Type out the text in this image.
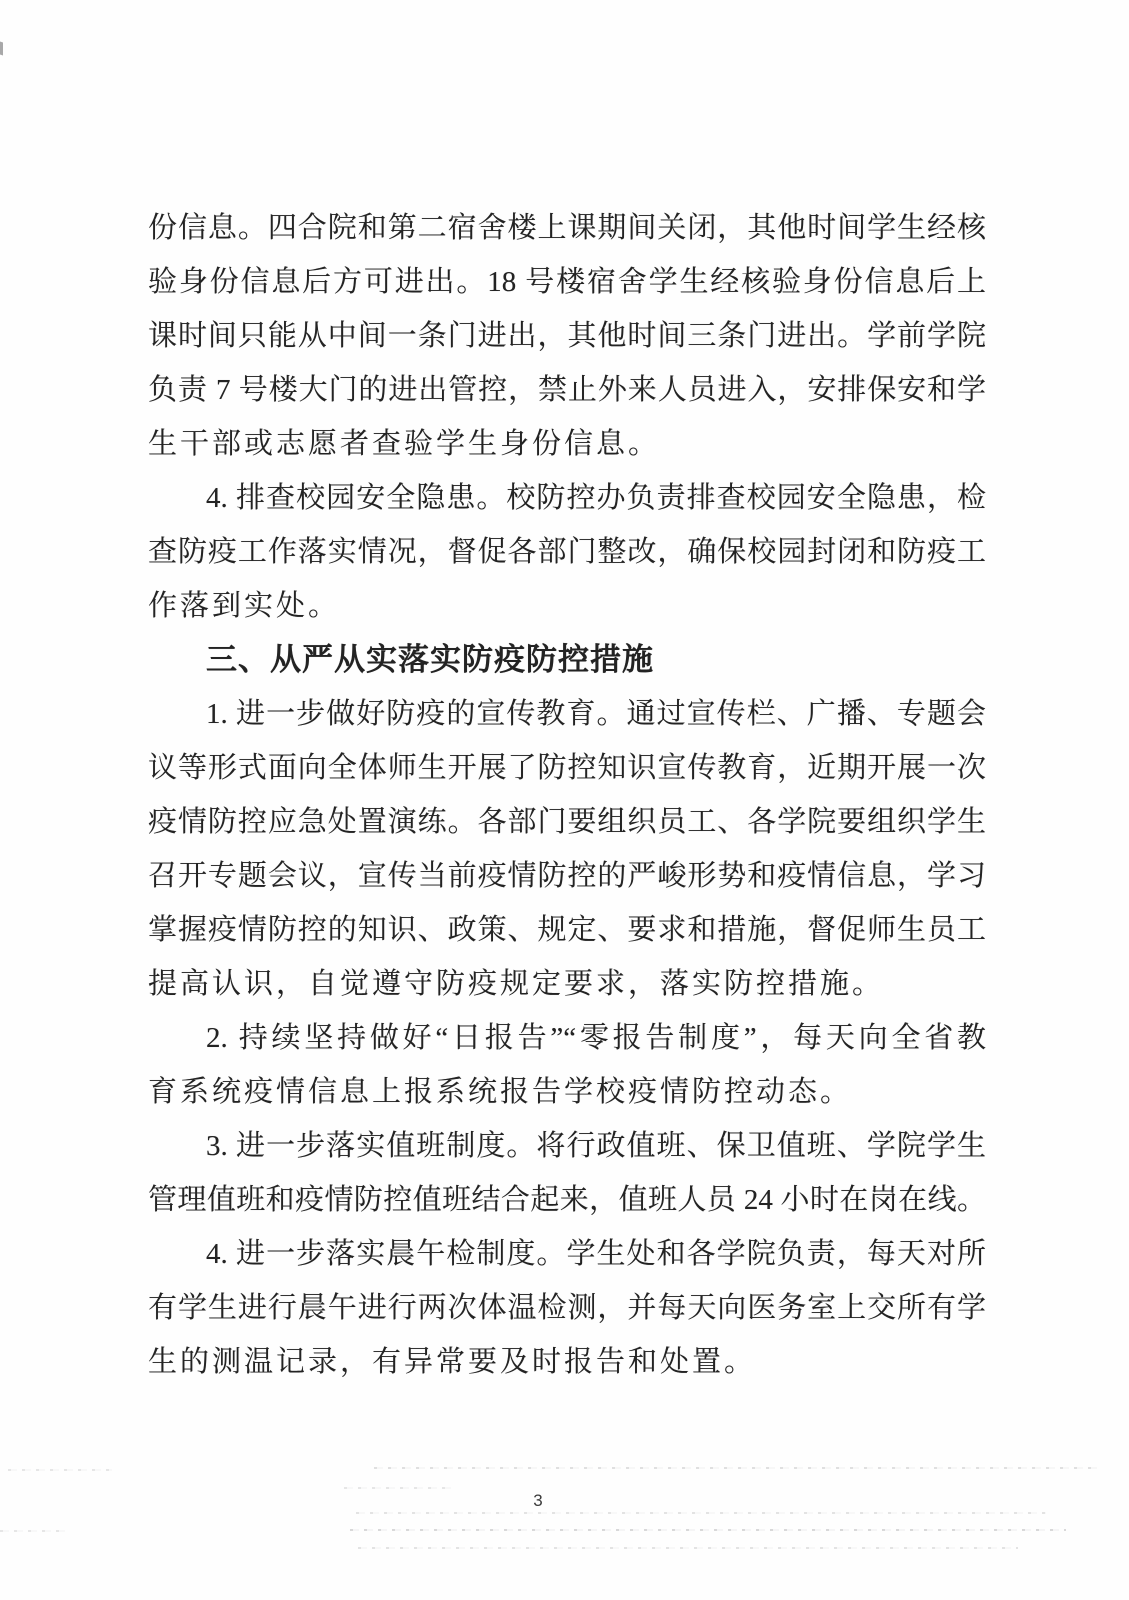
份信息。四合院和第二宿舍楼上课期间关闭，其他时间学生经核

验身份信息后方可进出。18 号楼宿舍学生经核验身份信息后上

课时间只能从中间一条门进出，其他时间三条门进出。学前学院

负责 7 号楼大门的进出管控，禁止外来人员进入，安排保安和学

生干部或志愿者查验学生身份信息。

4. 排查校园安全隐患。校防控办负责排查校园安全隐患，检

查防疫工作落实情况，督促各部门整改，确保校园封闭和防疫工

作落到实处。

三、从严从实落实防疫防控措施

1. 进一步做好防疫的宣传教育。通过宣传栏、广播、专题会

议等形式面向全体师生开展了防控知识宣传教育，近期开展一次

疫情防控应急处置演练。各部门要组织员工、各学院要组织学生

召开专题会议，宣传当前疫情防控的严峻形势和疫情信息，学习

掌握疫情防控的知识、政策、规定、要求和措施，督促师生员工

提高认识，自觉遵守防疫规定要求，落实防控措施。

2. 持续坚持做好“日报告”“零报告制度”，每天向全省教

育系统疫情信息上报系统报告学校疫情防控动态。

3. 进一步落实值班制度。将行政值班、保卫值班、学院学生

管理值班和疫情防控值班结合起来，值班人员 24 小时在岗在线。

4. 进一步落实晨午检制度。学生处和各学院负责，每天对所

有学生进行晨午进行两次体温检测，并每天向医务室上交所有学

生的测温记录，有异常要及时报告和处置。

3
